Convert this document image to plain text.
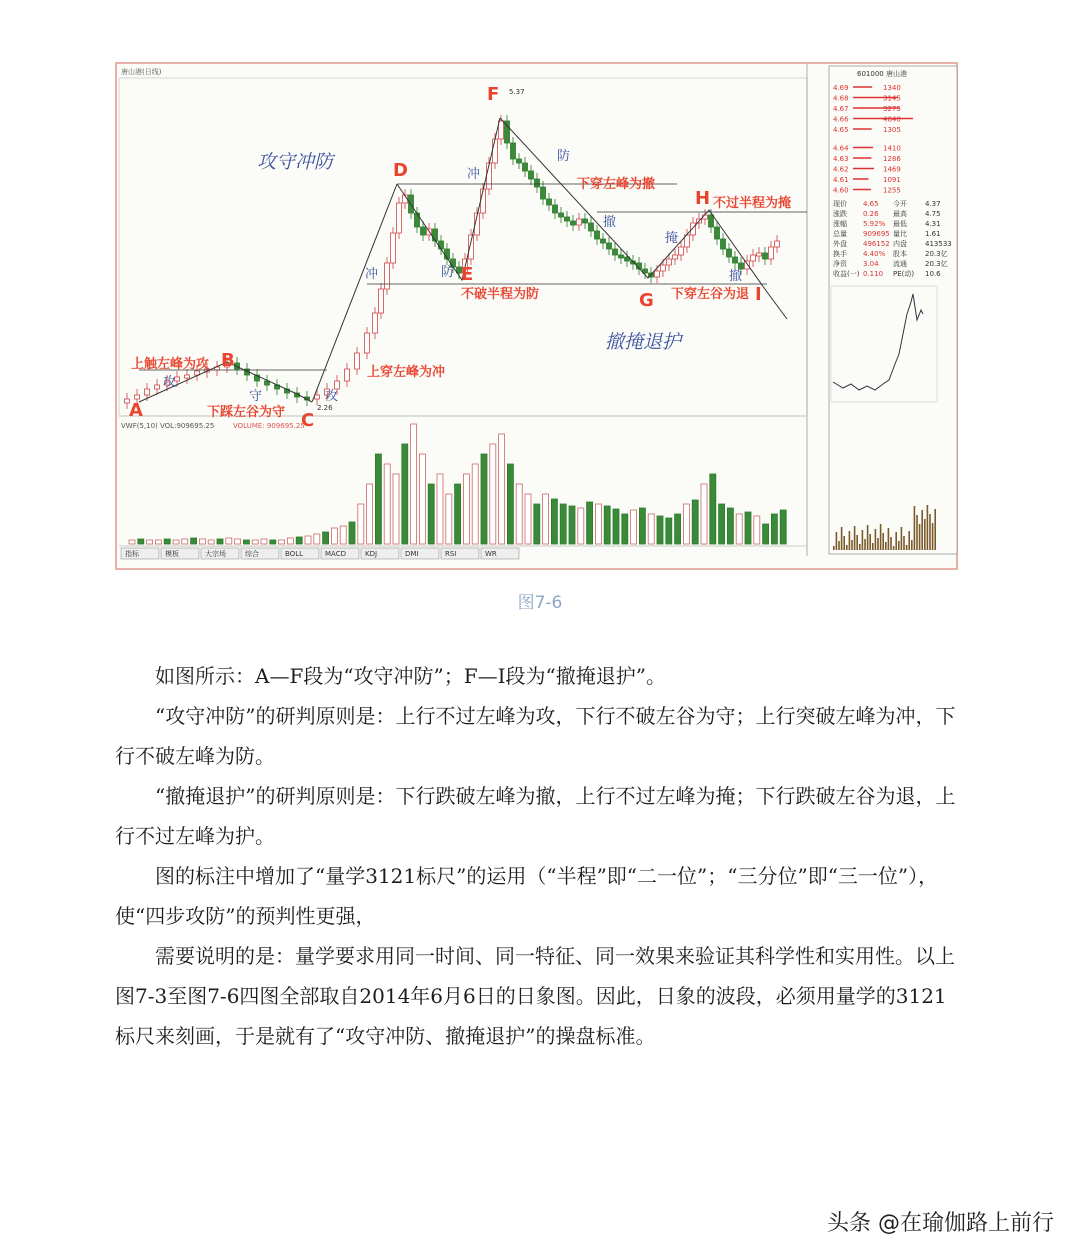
唐山港(日线)
攻守冲防
撤掩退护
A
B
C
D
E
F 5.37
G
H
I
2.26
上触左峰为攻
下踩左谷为守
上穿左峰为冲
不破半程为防
下穿左峰为撤
不过半程为掩
下穿左谷为退
攻
守	攻
冲	防
冲
防
撤
掩
撤
VWF(5,10) VOL:909695.25	VOLUME: 909695.25
指标	模板	大宗场	综合	BOLL	MACD	KDJ	DMI	RSI	WR
601000 唐山港
4.69	1340
4.68	3145
4.67	3275
4.66	4840
4.65	1305
4.64	1410
4.63	1286
4.62	1469
4.61	1091
4.60	1255
现价 4.65 今开	4.37
涨跌 0.26 最高	4.75
涨幅 5.92% 最低	4.31
总量 909695 量比	1.61
外盘 496152 内盘	413533
换手 4.40% 股本	20.3亿
净资 3.04 流通	20.3亿
收益(一) 0.110 PE(动) 10.6
图7-6

如图所示：A—F段为“攻守冲防”；F—I段为“撤掩退护”。

“攻守冲防”的研判原则是：上行不过左峰为攻，下行不破左谷为守；上行突破左峰为冲，下行不破左峰为防。

“撤掩退护”的研判原则是：下行跌破左峰为撤，上行不过左峰为掩；下行跌破左谷为退，上行不过左峰为护。

图的标注中增加了“量学3121标尺”的运用（“半程”即“二一位”；“三分位”即“三一位”），使“四步攻防”的预判性更强，

需要说明的是：量学要求用同一时间、同一特征、同一效果来验证其科学性和实用性。以上图7-3至图7-6四图全部取自2014年6月6日的日象图。因此，日象的波段，必须用量学的3121标尺来刻画，于是就有了“攻守冲防、撤掩退护”的操盘标准。

头条 @在瑜伽路上前行
